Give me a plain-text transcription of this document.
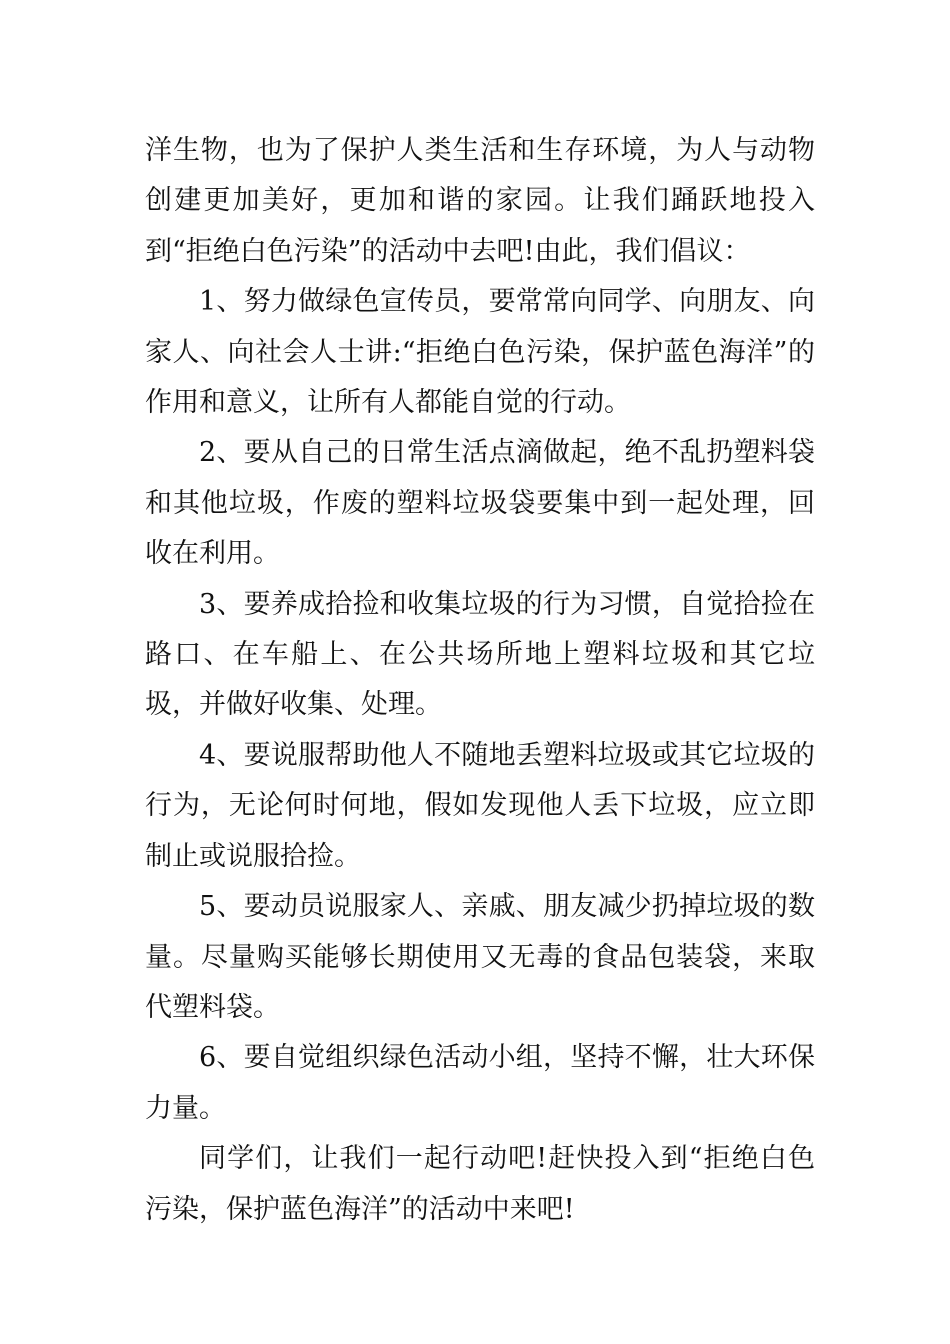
洋生物，也为了保护人类生活和生存环境，为人与动物创建更加美好，更加和谐的家园。让我们踊跃地投入到“拒绝白色污染”的活动中去吧!由此，我们倡议：

1、努力做绿色宣传员，要常常向同学、向朋友、向家人、向社会人士讲:“拒绝白色污染，保护蓝色海洋”的作用和意义，让所有人都能自觉的行动。

2、要从自己的日常生活点滴做起，绝不乱扔塑料袋和其他垃圾，作废的塑料垃圾袋要集中到一起处理，回收在利用。

3、要养成拾捡和收集垃圾的行为习惯，自觉拾捡在路口、在车船上、在公共场所地上塑料垃圾和其它垃圾，并做好收集、处理。

4、要说服帮助他人不随地丢塑料垃圾或其它垃圾的行为，无论何时何地，假如发现他人丢下垃圾，应立即制止或说服拾捡。

5、要动员说服家人、亲戚、朋友减少扔掉垃圾的数量。尽量购买能够长期使用又无毒的食品包装袋，来取代塑料袋。

6、要自觉组织绿色活动小组，坚持不懈，壮大环保力量。

同学们，让我们一起行动吧!赶快投入到“拒绝白色污染，保护蓝色海洋”的活动中来吧!
